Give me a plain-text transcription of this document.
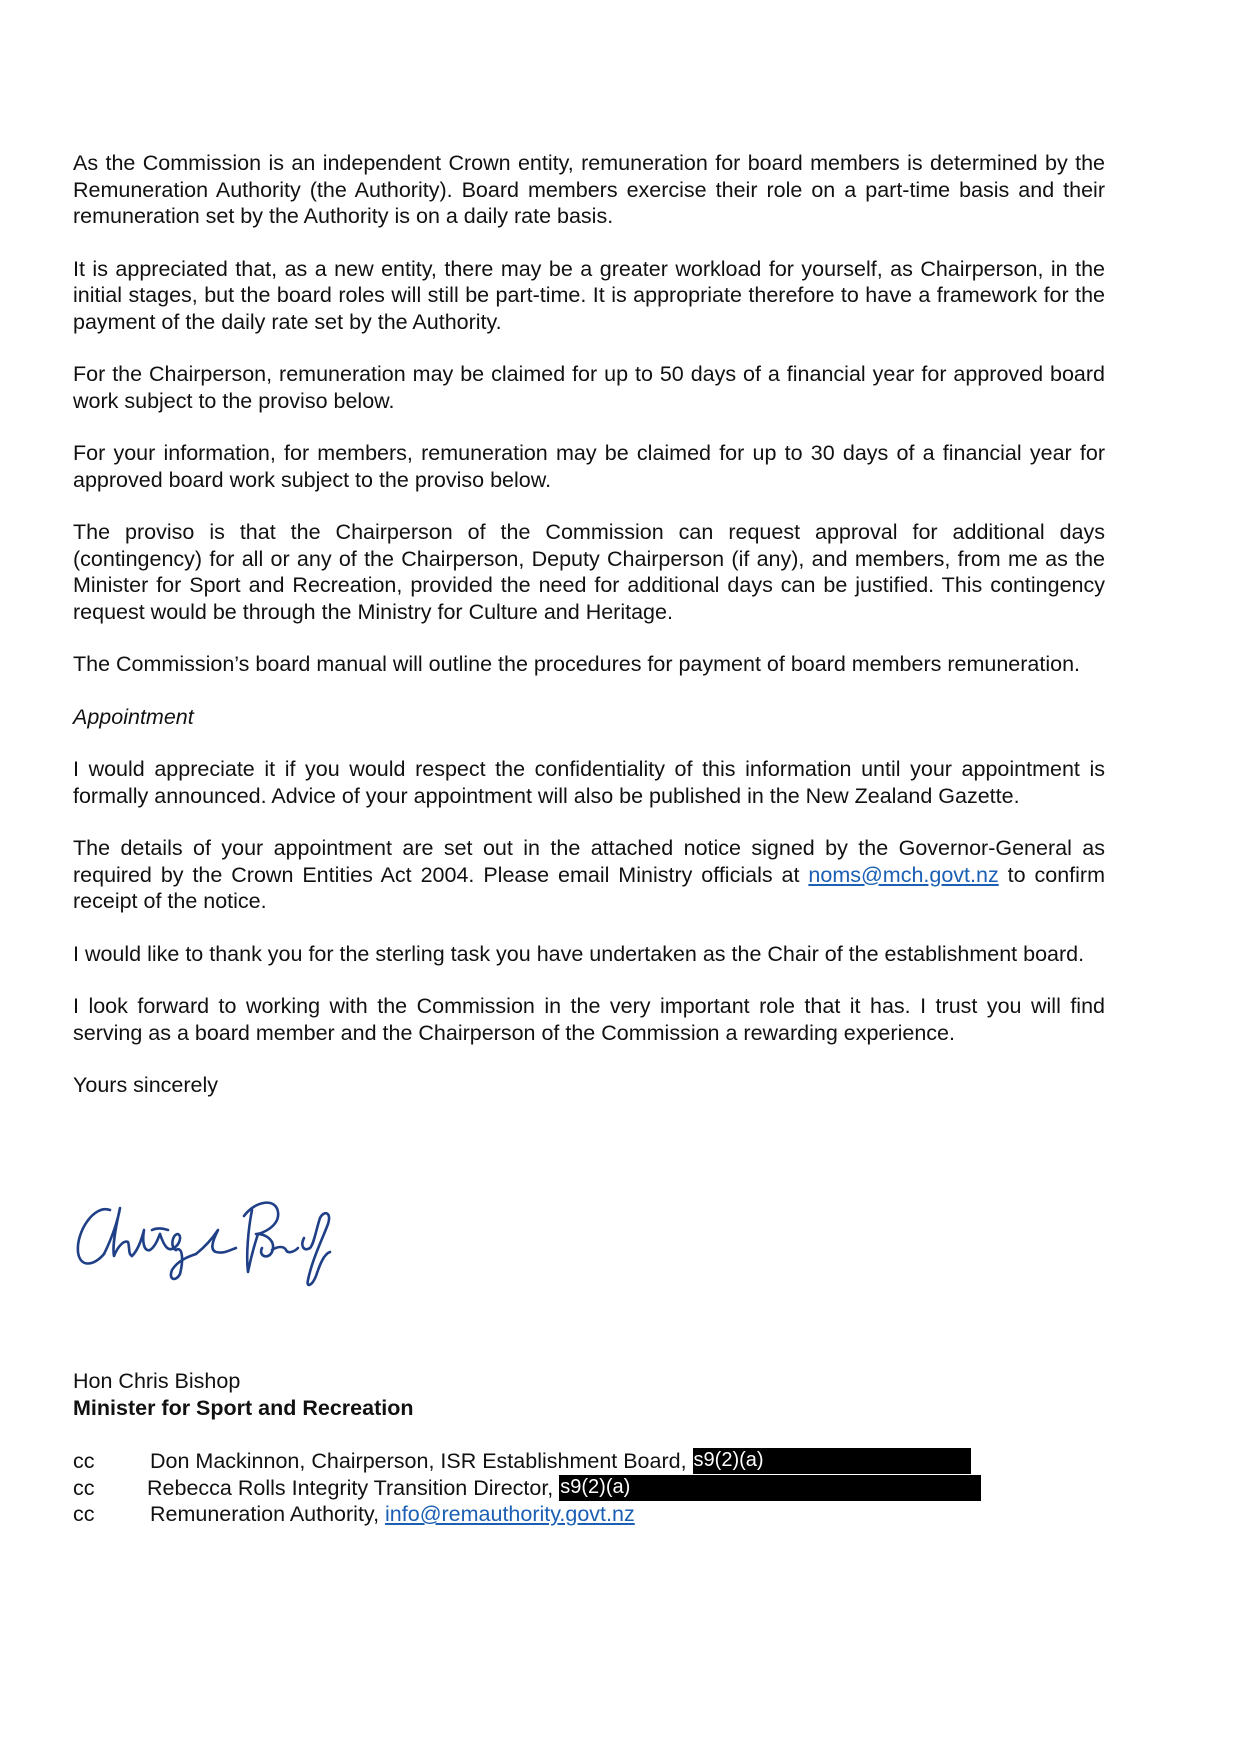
As the Commission is an independent Crown entity, remuneration for board members is determined by the Remuneration Authority (the Authority). Board members exercise their role on a part-time basis and their remuneration set by the Authority is on a daily rate basis.

It is appreciated that, as a new entity, there may be a greater workload for yourself, as Chairperson, in the initial stages, but the board roles will still be part-time. It is appropriate therefore to have a framework for the payment of the daily rate set by the Authority.

For the Chairperson, remuneration may be claimed for up to 50 days of a financial year for approved board work subject to the proviso below.

For your information, for members, remuneration may be claimed for up to 30 days of a financial year for approved board work subject to the proviso below.

The proviso is that the Chairperson of the Commission can request approval for additional days (contingency) for all or any of the Chairperson, Deputy Chairperson (if any), and members, from me as the Minister for Sport and Recreation, provided the need for additional days can be justified. This contingency request would be through the Ministry for Culture and Heritage.

The Commission’s board manual will outline the procedures for payment of board members remuneration.

Appointment

I would appreciate it if you would respect the confidentiality of this information until your appointment is formally announced. Advice of your appointment will also be published in the New Zealand Gazette.

The details of your appointment are set out in the attached notice signed by the Governor-General as required by the Crown Entities Act 2004. Please email Ministry officials at noms@mch.govt.nz to confirm receipt of the notice.

I would like to thank you for the sterling task you have undertaken as the Chair of the establishment board.

I look forward to working with the Commission in the very important role that it has. I trust you will find serving as a board member and the Chairperson of the Commission a rewarding experience.

Yours sincerely

Hon Chris Bishop
Minister for Sport and Recreation
cc	Don Mackinnon, Chairperson, ISR Establishment Board, s9(2)(a)
cc Rebecca Rolls Integrity Transition Director, s9(2)(a)
cc	Remuneration Authority, info@remauthority.govt.nz
